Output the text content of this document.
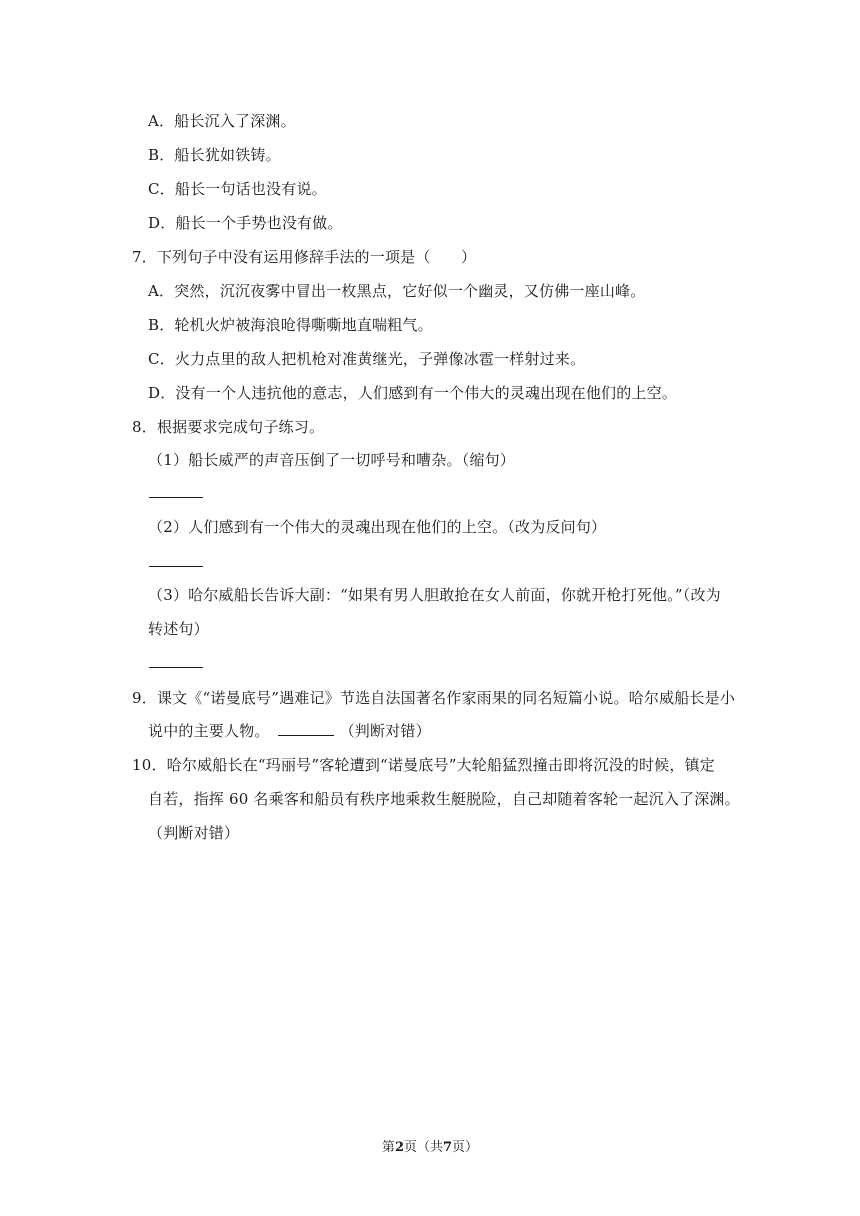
A．船长沉入了深渊。
B．船长犹如铁铸。
C．船长一句话也没有说。
D．船长一个手势也没有做。
7．下列句子中没有运用修辞手法的一项是（　　）
A．突然，沉沉夜雾中冒出一枚黑点，它好似一个幽灵，又仿佛一座山峰。
B．轮机火炉被海浪呛得嘶嘶地直喘粗气。
C．火力点里的敌人把机枪对准黄继光，子弹像冰雹一样射过来。
D．没有一个人违抗他的意志，人们感到有一个伟大的灵魂出现在他们的上空。
8．根据要求完成句子练习。
（1）船长威严的声音压倒了一切呼号和嘈杂。（缩句）
（2）人们感到有一个伟大的灵魂出现在他们的上空。（改为反问句）
（3）哈尔威船长告诉大副：“如果有男人胆敢抢在女人前面，你就开枪打死他。”（改为
转述句）
9．课文《“诺曼底号”遇难记》节选自法国著名作家雨果的同名短篇小说。哈尔威船长是小
说中的主要人物。	（判断对错）
10．哈尔威船长在“玛丽号”客轮遭到“诺曼底号”大轮船猛烈撞击即将沉没的时候，镇定
自若，指挥 60 名乘客和船员有秩序地乘救生艇脱险，自己却随着客轮一起沉入了深渊。
（判断对错）
第2页（共7页）
